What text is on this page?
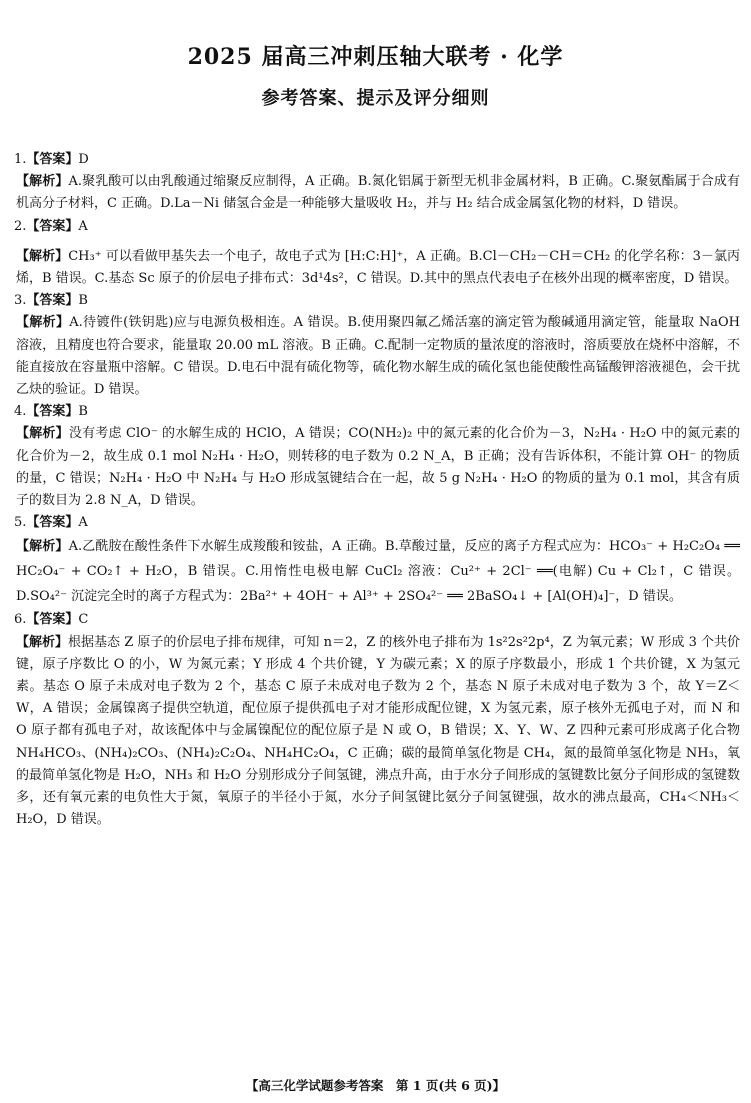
2025 届高三冲刺压轴大联考 · 化学
参考答案、提示及评分细则

1.【答案】D

【解析】A.聚乳酸可以由乳酸通过缩聚反应制得，A 正确。B.氮化铝属于新型无机非金属材料，B 正确。C.聚氨酯属于合成有机高分子材料，C 正确。D.La－Ni 储氢合金是一种能够大量吸收 H₂，并与 H₂ 结合成金属氢化物的材料，D 错误。

2.【答案】A

【解析】CH₃⁺ 可以看做甲基失去一个电子，故电子式为 [H:C:H]⁺，A 正确。B.Cl－CH₂－CH＝CH₂ 的化学名称：3－氯丙烯，B 错误。C.基态 Sc 原子的价层电子排布式：3d¹4s²，C 错误。D.其中的黑点代表电子在核外出现的概率密度，D 错误。

3.【答案】B

【解析】A.待镀件(铁钥匙)应与电源负极相连。A 错误。B.使用聚四氟乙烯活塞的滴定管为酸碱通用滴定管，能量取 NaOH 溶液，且精度也符合要求，能量取 20.00 mL 溶液。B 正确。C.配制一定物质的量浓度的溶液时，溶质要放在烧杯中溶解，不能直接放在容量瓶中溶解。C 错误。D.电石中混有硫化物等，硫化物水解生成的硫化氢也能使酸性高锰酸钾溶液褪色，会干扰乙炔的验证。D 错误。

4.【答案】B

【解析】没有考虑 ClO⁻ 的水解生成的 HClO，A 错误；CO(NH₂)₂ 中的氮元素的化合价为－3，N₂H₄ · H₂O 中的氮元素的化合价为－2，故生成 0.1 mol N₂H₄ · H₂O，则转移的电子数为 0.2 N_A，B 正确；没有告诉体积，不能计算 OH⁻ 的物质的量，C 错误；N₂H₄ · H₂O 中 N₂H₄ 与 H₂O 形成氢键结合在一起，故 5 g N₂H₄ · H₂O 的物质的量为 0.1 mol，其含有质子的数目为 2.8 N_A，D 错误。

5.【答案】A

【解析】A.乙酰胺在酸性条件下水解生成羧酸和铵盐，A 正确。B.草酸过量，反应的离子方程式应为：HCO₃⁻ + H₂C₂O₄ ══ HC₂O₄⁻ + CO₂↑ + H₂O，B 错误。C.用惰性电极电解 CuCl₂ 溶液：Cu²⁺ + 2Cl⁻ ══(电解) Cu + Cl₂↑，C 错误。D.SO₄²⁻ 沉淀完全时的离子方程式为：2Ba²⁺ + 4OH⁻ + Al³⁺ + 2SO₄²⁻ ══ 2BaSO₄↓ + [Al(OH)₄]⁻，D 错误。

6.【答案】C

【解析】根据基态 Z 原子的价层电子排布规律，可知 n＝2，Z 的核外电子排布为 1s²2s²2p⁴，Z 为氧元素；W 形成 3 个共价键，原子序数比 O 的小，W 为氮元素；Y 形成 4 个共价键，Y 为碳元素；X 的原子序数最小，形成 1 个共价键，X 为氢元素。基态 O 原子未成对电子数为 2 个，基态 C 原子未成对电子数为 2 个，基态 N 原子未成对电子数为 3 个，故 Y＝Z＜W，A 错误；金属镍离子提供空轨道，配位原子提供孤电子对才能形成配位键，X 为氢元素，原子核外无孤电子对，而 N 和 O 原子都有孤电子对，故该配体中与金属镍配位的配位原子是 N 或 O，B 错误；X、Y、W、Z 四种元素可形成离子化合物 NH₄HCO₃、(NH₄)₂CO₃、(NH₄)₂C₂O₄、NH₄HC₂O₄，C 正确；碳的最简单氢化物是 CH₄，氮的最简单氢化物是 NH₃，氧的最简单氢化物是 H₂O，NH₃ 和 H₂O 分别形成分子间氢键，沸点升高，由于水分子间形成的氢键数比氨分子间形成的氢键数多，还有氧元素的电负性大于氮，氧原子的半径小于氮，水分子间氢键比氨分子间氢键强，故水的沸点最高，CH₄＜NH₃＜H₂O，D 错误。

【高三化学试题参考答案　第 1 页(共 6 页)】
